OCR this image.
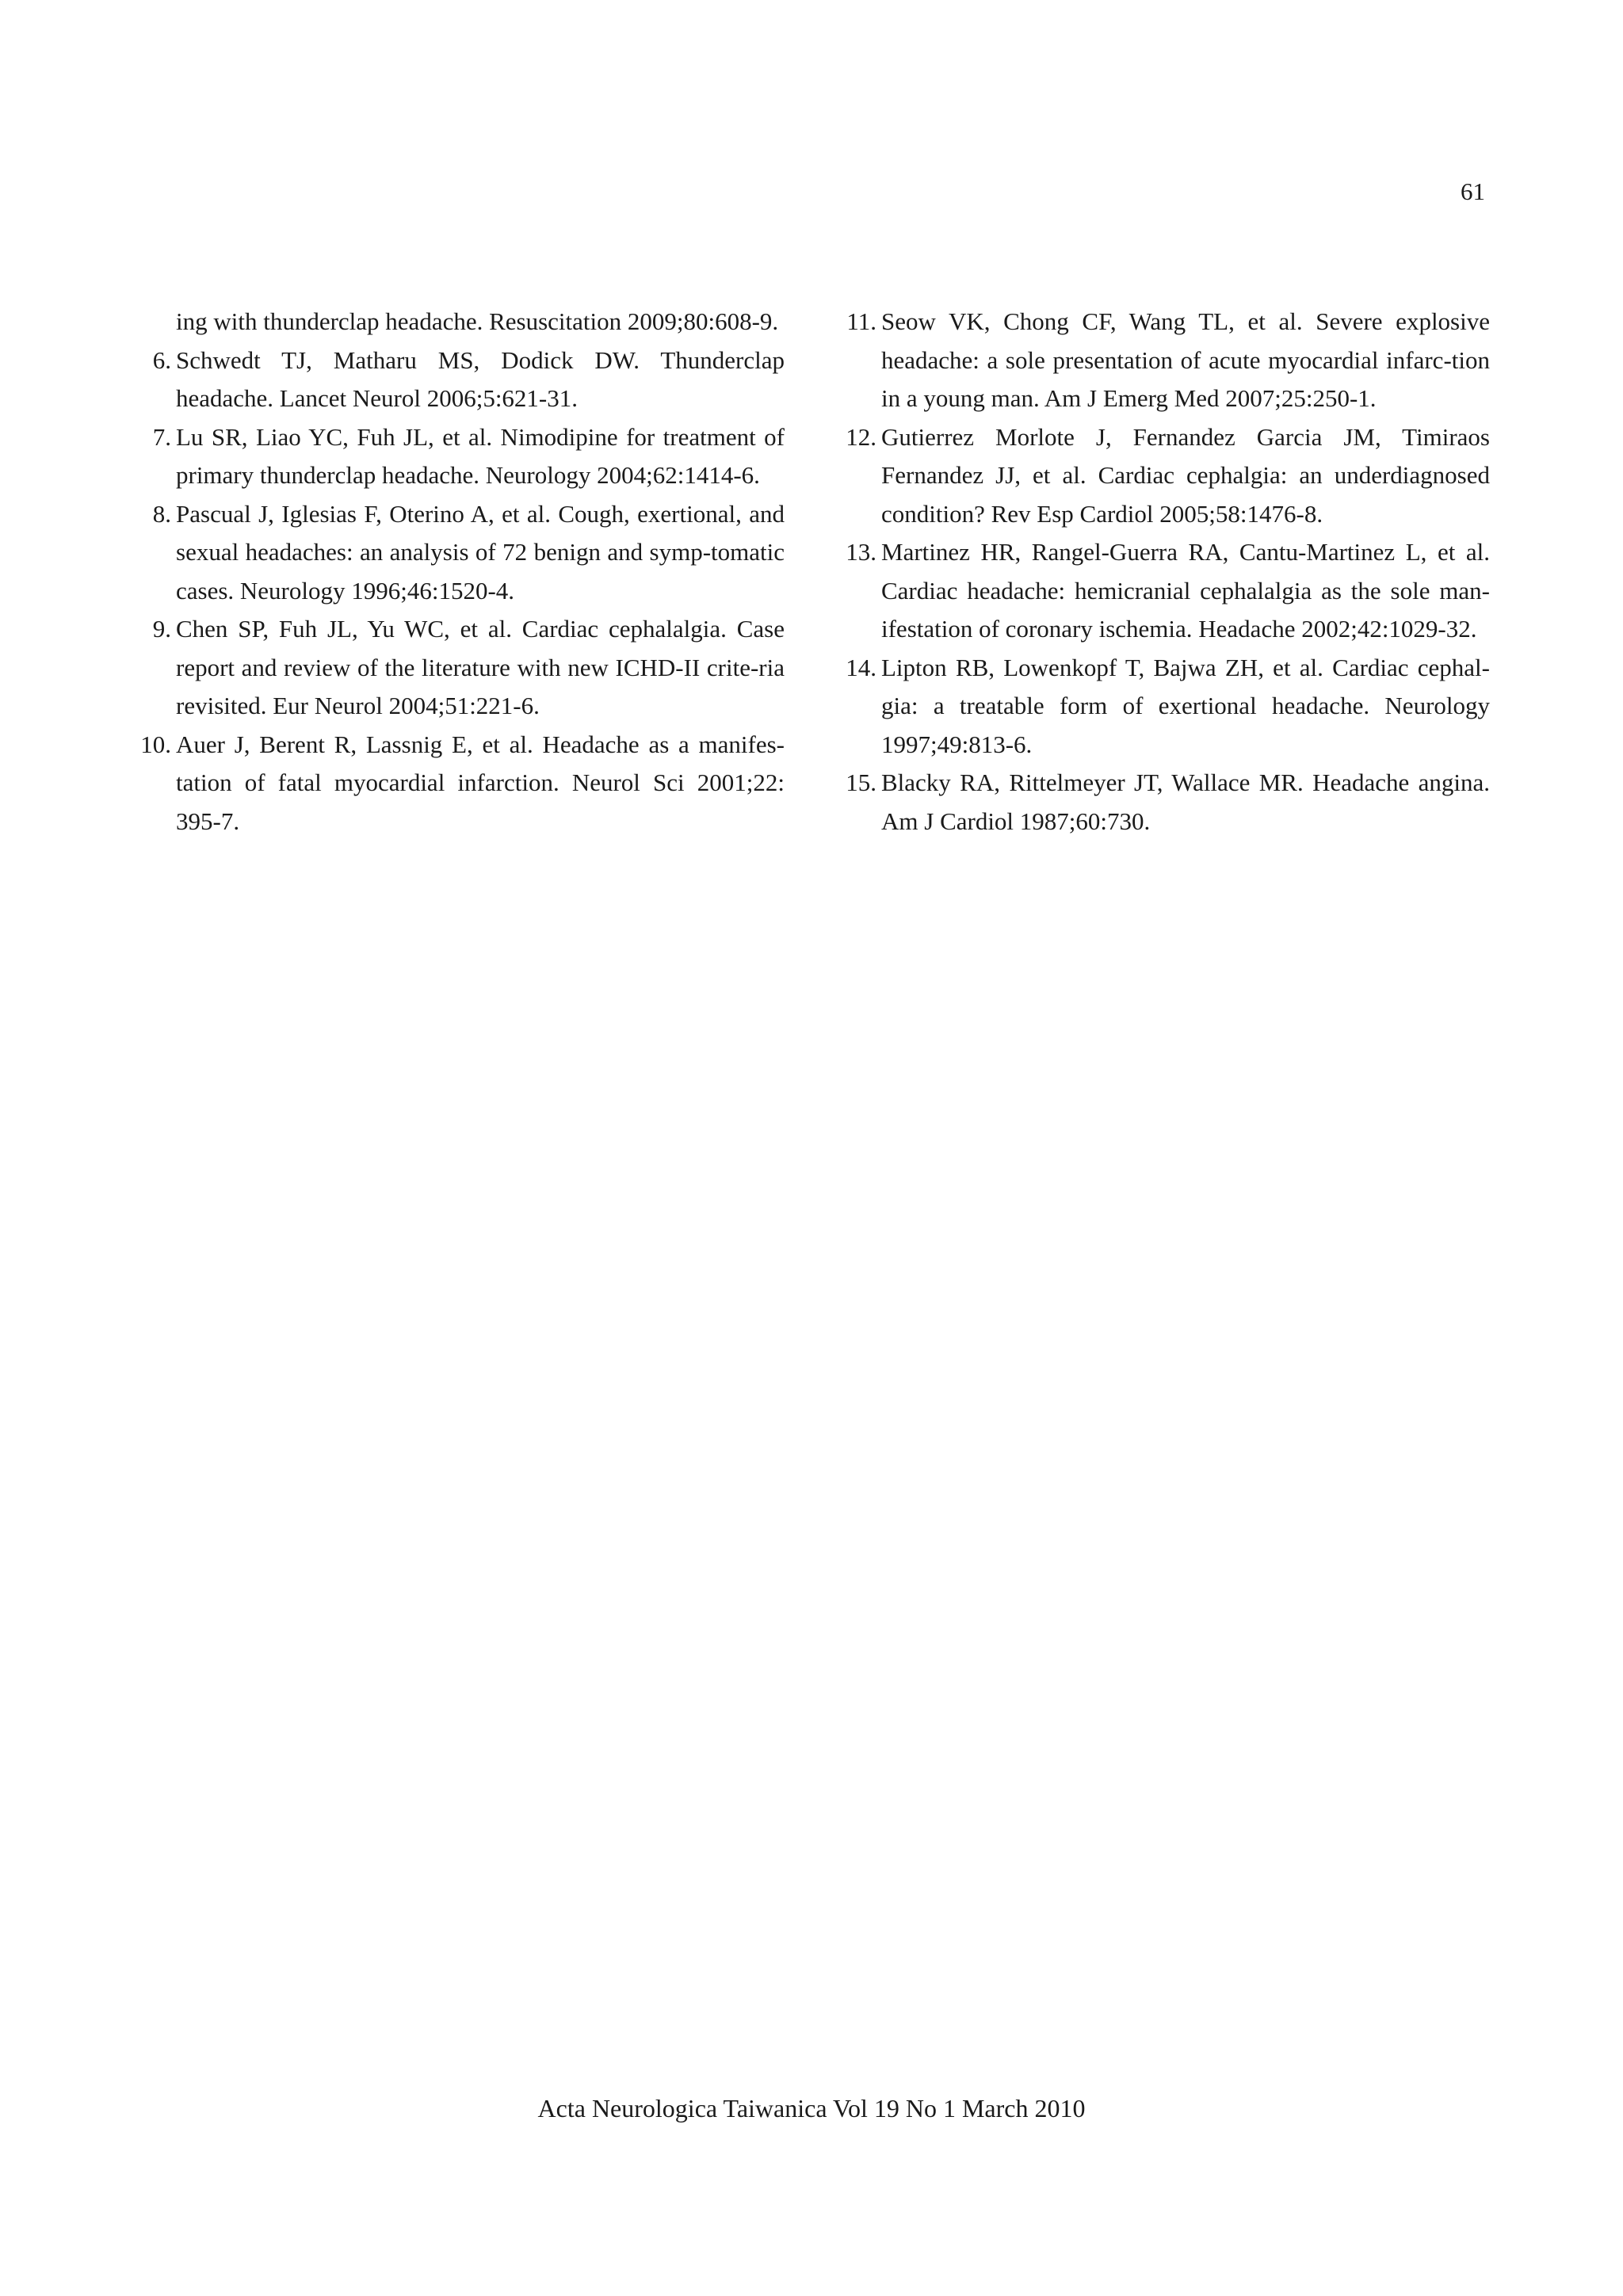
61
ing with thunderclap headache. Resuscitation 2009;80:608-9.
6. Schwedt TJ, Matharu MS, Dodick DW. Thunderclap headache. Lancet Neurol 2006;5:621-31.
7. Lu SR, Liao YC, Fuh JL, et al. Nimodipine for treatment of primary thunderclap headache. Neurology 2004;62:1414-6.
8. Pascual J, Iglesias F, Oterino A, et al. Cough, exertional, and sexual headaches: an analysis of 72 benign and symp-tomatic cases. Neurology 1996;46:1520-4.
9. Chen SP, Fuh JL, Yu WC, et al. Cardiac cephalalgia. Case report and review of the literature with new ICHD-II crite-ria revisited. Eur Neurol 2004;51:221-6.
10. Auer J, Berent R, Lassnig E, et al. Headache as a manifes-tation of fatal myocardial infarction. Neurol Sci 2001;22: 395-7.
11. Seow VK, Chong CF, Wang TL, et al. Severe explosive headache: a sole presentation of acute myocardial infarc-tion in a young man. Am J Emerg Med 2007;25:250-1.
12. Gutierrez Morlote J, Fernandez Garcia JM, Timiraos Fernandez JJ, et al. Cardiac cephalgia: an underdiagnosed condition? Rev Esp Cardiol 2005;58:1476-8.
13. Martinez HR, Rangel-Guerra RA, Cantu-Martinez L, et al. Cardiac headache: hemicranial cephalalgia as the sole man-ifestation of coronary ischemia. Headache 2002;42:1029-32.
14. Lipton RB, Lowenkopf T, Bajwa ZH, et al. Cardiac cephal-gia: a treatable form of exertional headache. Neurology 1997;49:813-6.
15. Blacky RA, Rittelmeyer JT, Wallace MR. Headache angina. Am J Cardiol 1987;60:730.
Acta Neurologica Taiwanica Vol 19 No 1 March 2010
